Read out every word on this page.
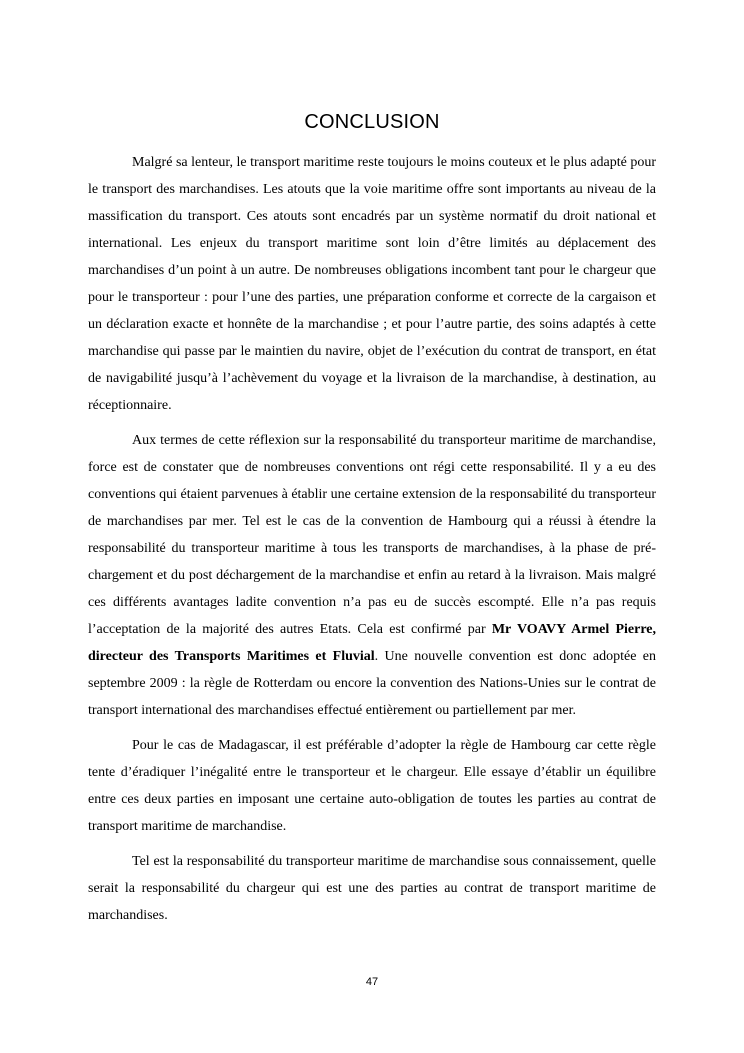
CONCLUSION

Malgré sa lenteur, le transport maritime reste toujours le moins couteux et le plus adapté pour le transport des marchandises. Les atouts que la voie maritime offre sont importants au niveau de la massification du transport. Ces atouts sont encadrés par un système normatif du droit national et international. Les enjeux du transport maritime sont loin d’être limités au déplacement des marchandises d’un point à un autre. De nombreuses obligations incombent tant pour le chargeur que pour le transporteur : pour l’une des parties, une préparation conforme et correcte de la cargaison et un déclaration exacte et honnête de la marchandise ; et pour l’autre partie, des soins adaptés à cette marchandise qui passe par le maintien du navire, objet de l’exécution du contrat de transport, en état de navigabilité jusqu’à l’achèvement du voyage et la livraison de la marchandise, à destination, au réceptionnaire.

Aux termes de cette réflexion sur la responsabilité du transporteur maritime de marchandise, force est de constater que de nombreuses conventions ont régi cette responsabilité. Il y a eu des conventions qui étaient parvenues à établir une certaine extension de la responsabilité du transporteur de marchandises par mer. Tel est le cas de la convention de Hambourg qui a réussi à étendre la responsabilité du transporteur maritime à tous les transports de marchandises, à la phase de pré-chargement et du post déchargement de la marchandise et enfin au retard à la livraison. Mais malgré ces différents avantages ladite convention n’a pas eu de succès escompté. Elle n’a pas requis l’acceptation de la majorité des autres Etats. Cela est confirmé par Mr VOAVY Armel Pierre, directeur des Transports Maritimes et Fluvial. Une nouvelle convention est donc adoptée en septembre 2009 : la règle de Rotterdam ou encore la convention des Nations-Unies sur le contrat de transport international des marchandises effectué entièrement ou partiellement par mer.

Pour le cas de Madagascar, il est préférable d’adopter la règle de Hambourg car cette règle tente d’éradiquer l’inégalité entre le transporteur et le chargeur. Elle essaye d’établir un équilibre entre ces deux parties en imposant une certaine auto-obligation de toutes les parties au contrat de transport maritime de marchandise.

Tel est la responsabilité du transporteur maritime de marchandise sous connaissement, quelle serait la responsabilité du chargeur qui est une des parties au contrat de transport maritime de marchandises.

47
